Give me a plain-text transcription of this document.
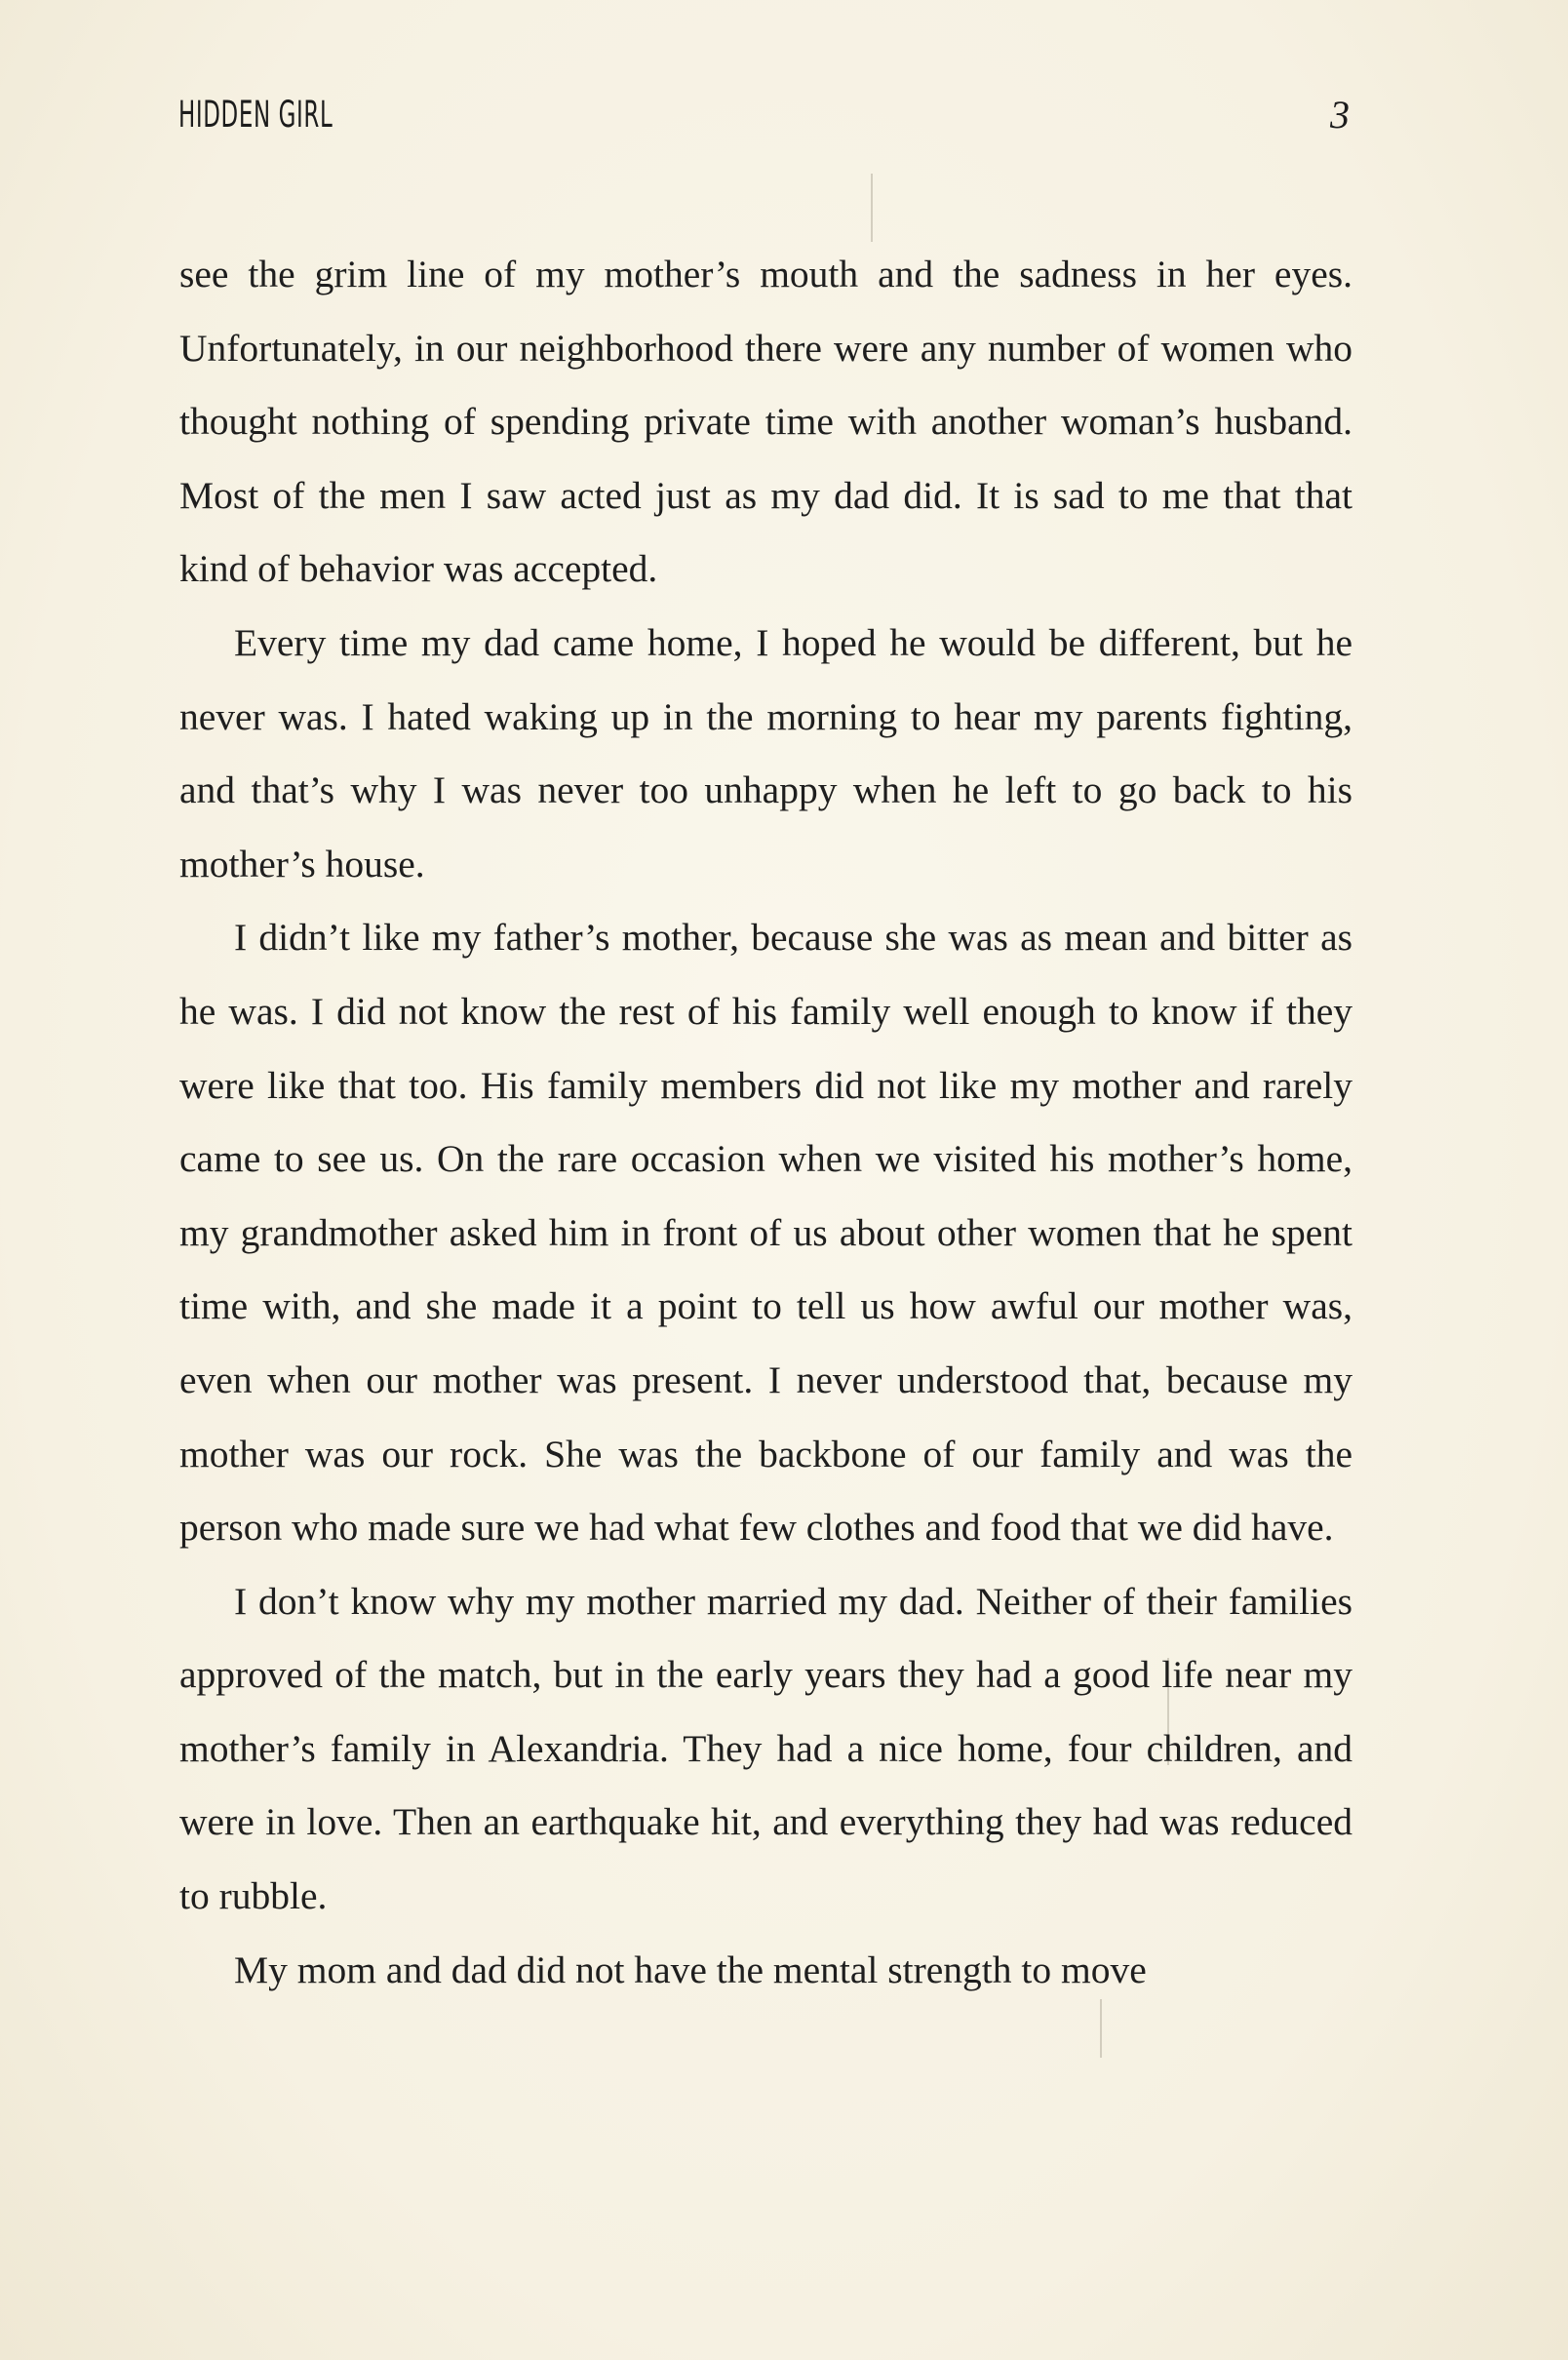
HIDDEN GIRL	3

see the grim line of my mother’s mouth and the sadness in her eyes. Unfortunately, in our neighborhood there were any number of women who thought nothing of spending private time with another woman’s husband. Most of the men I saw acted just as my dad did. It is sad to me that that kind of behavior was accepted.

Every time my dad came home, I hoped he would be different, but he never was. I hated waking up in the morning to hear my parents fighting, and that’s why I was never too unhappy when he left to go back to his mother’s house.

I didn’t like my father’s mother, because she was as mean and bitter as he was. I did not know the rest of his family well enough to know if they were like that too. His family members did not like my mother and rarely came to see us. On the rare occasion when we visited his mother’s home, my grandmother asked him in front of us about other women that he spent time with, and she made it a point to tell us how awful our mother was, even when our mother was present. I never understood that, because my mother was our rock. She was the backbone of our family and was the person who made sure we had what few clothes and food that we did have.

I don’t know why my mother married my dad. Neither of their families approved of the match, but in the early years they had a good life near my mother’s family in Alexandria. They had a nice home, four children, and were in love. Then an earthquake hit, and everything they had was reduced to rubble.

My mom and dad did not have the mental strength to move
